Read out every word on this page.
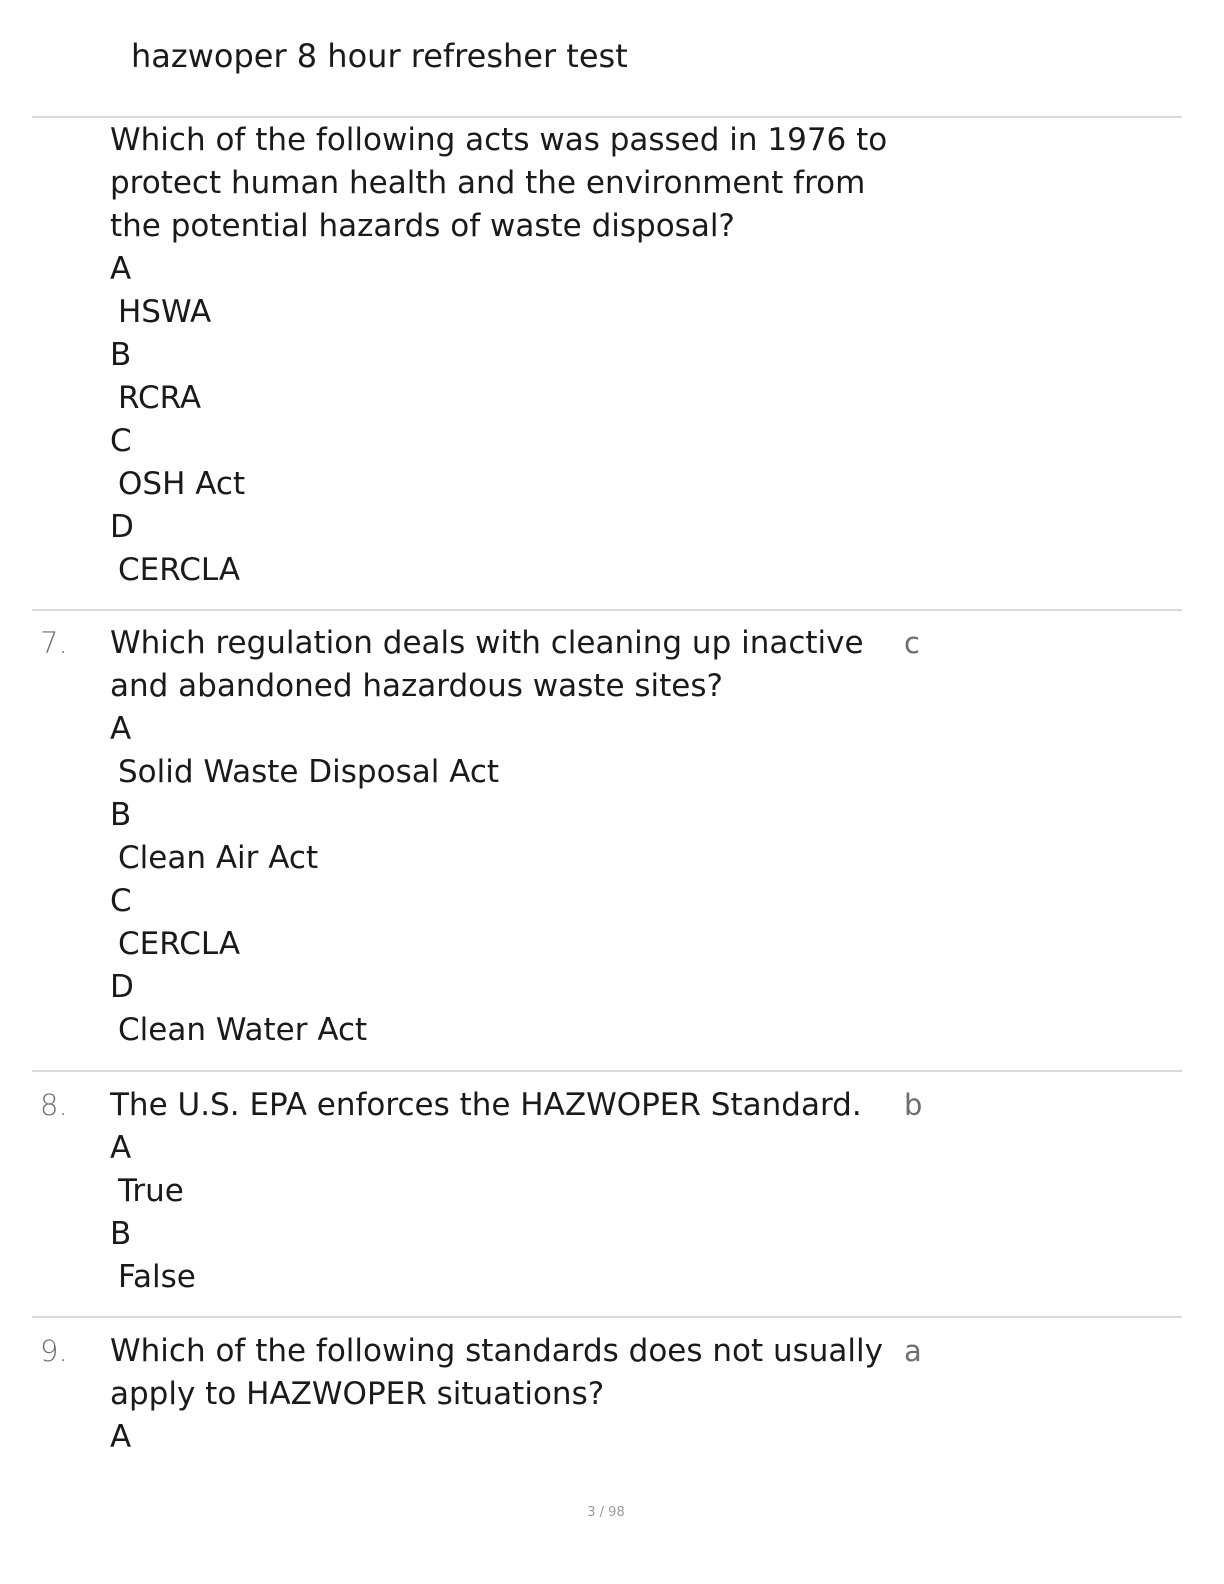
hazwoper 8 hour refresher test

Which of the following acts was passed in 1976 to protect human health and the environment from the potential hazards of waste disposal?

A
HSWA
B
RCRA
C
OSH Act
D
CERCLA
7. Which regulation deals with cleaning up inactive and abandoned hazardous waste sites?

A
Solid Waste Disposal Act
B
Clean Air Act
C
CERCLA
D
Clean Water Act
c
8. The U.S. EPA enforces the HAZWOPER Standard.

A
True
B
False
b
9. Which of the following standards does not usually apply to HAZWOPER situations?

A
a
3 / 98
